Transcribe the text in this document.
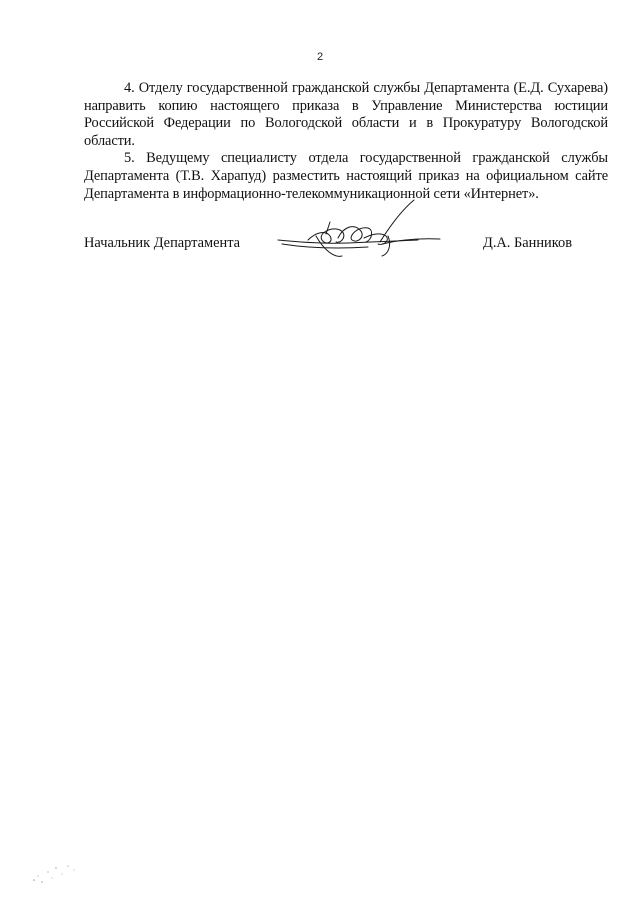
2

4. Отделу государственной гражданской службы Департамента (Е.Д. Сухарева) направить копию настоящего приказа в Управление Министерства юстиции Российской Федерации по Вологодской области и в Прокуратуру Вологодской области.

5. Ведущему специалисту отдела государственной гражданской службы Департамента (Т.В. Харапуд) разместить настоящий приказ на официальном сайте Департамента в информационно-телекоммуникационной сети «Интернет».

Начальник Департамента	Д.А. Банников
